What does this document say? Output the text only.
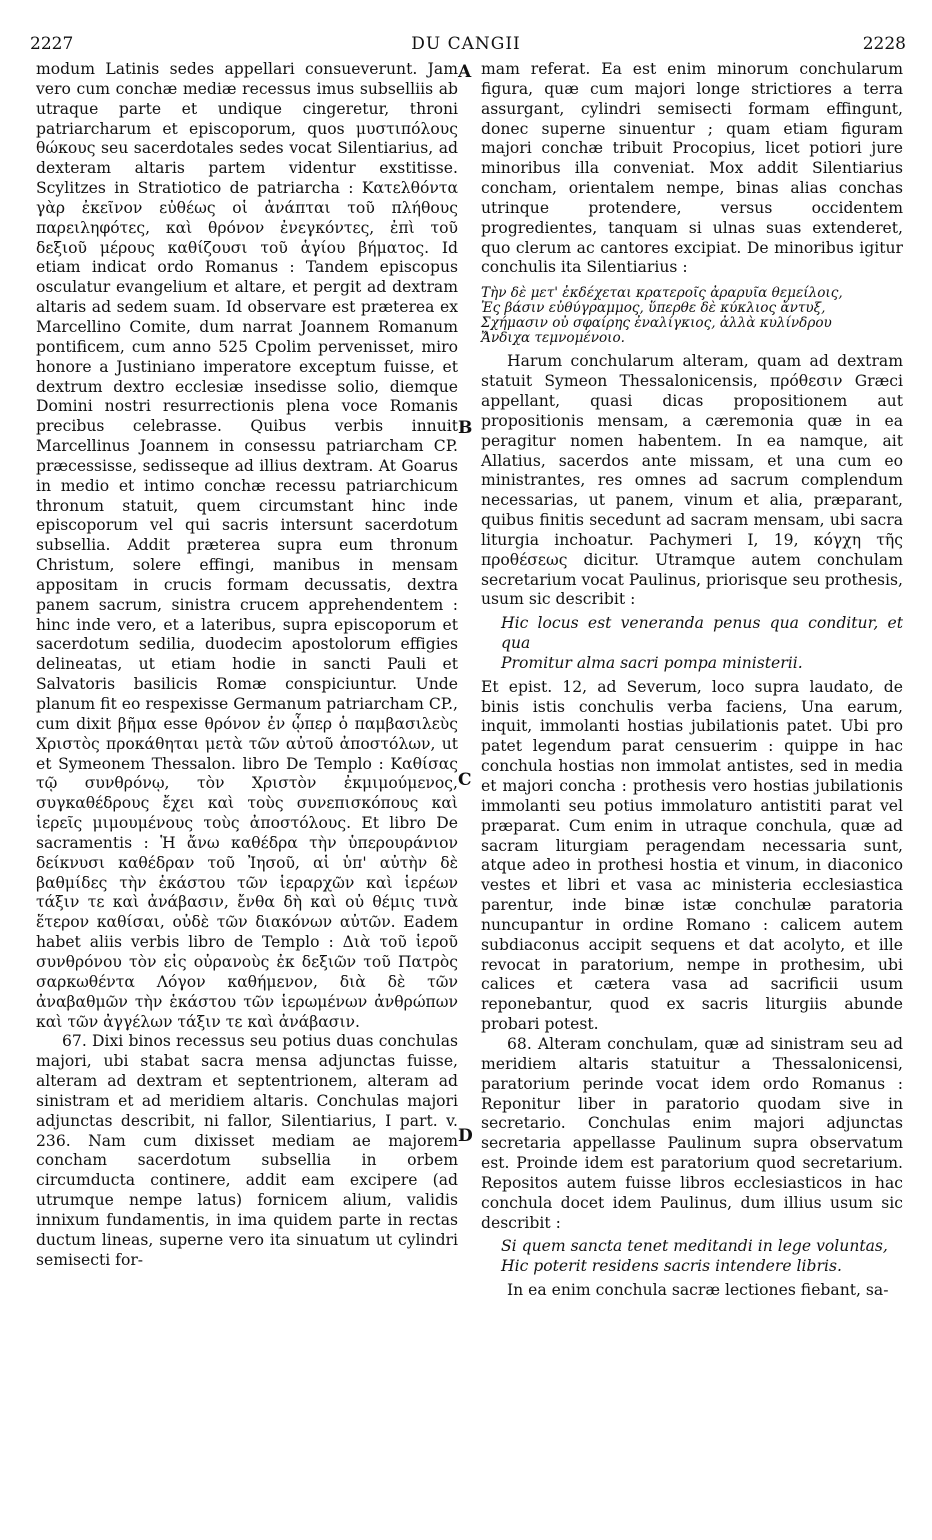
2227	DU CANGII	2228
A
B
C
D

modum Latinis sedes appellari consueverunt. Jam vero cum conchæ mediæ recessus imus subselliis ab utraque parte et undique cingeretur, throni patriarcharum et episcoporum, quos μυστιπόλους θώκους seu sacerdotales sedes vocat Silentiarius, ad dexteram altaris partem videntur exstitisse. Scylitzes in Stratiotico de patriarcha : Κατελθόντα γὰρ ἐκεῖνον εὐθέως οἱ ἀνάπται τοῦ πλήθους παρειληφότες, καὶ θρόνον ἐνεγκόντες, ἐπὶ τοῦ δεξιοῦ μέρους καθίζουσι τοῦ ἁγίου βήματος. Id etiam indicat ordo Romanus : Tandem episcopus osculatur evangelium et altare, et pergit ad dextram altaris ad sedem suam. Id observare est præterea ex Marcellino Comite, dum narrat Joannem Romanum pontificem, cum anno 525 Cpolim pervenisset, miro honore a Justiniano imperatore exceptum fuisse, et dextrum dextro ecclesiæ insedisse solio, diemque Domini nostri resurrectionis plena voce Romanis precibus celebrasse. Quibus verbis innuit Marcellinus Joannem in consessu patriarcham CP. præcessisse, sedisseque ad illius dextram. At Goarus in medio et intimo conchæ recessu patriarchicum thronum statuit, quem circumstant hinc inde episcoporum vel qui sacris intersunt sacerdotum subsellia. Addit præterea supra eum thronum Christum, solere effingi, manibus in mensam appositam in crucis formam decussatis, dextra panem sacrum, sinistra crucem apprehendentem : hinc inde vero, et a lateribus, supra episcoporum et sacerdotum sedilia, duodecim apostolorum effigies delineatas, ut etiam hodie in sancti Pauli et Salvatoris basilicis Romæ conspiciuntur. Unde planum fit eo respexisse Germanum patriarcham CP., cum dixit βῆμα esse θρόνον ἐν ᾧπερ ὁ παμβασιλεὺς Χριστὸς προκάθηται μετὰ τῶν αὐτοῦ ἀποστόλων, ut et Symeonem Thessalon. libro De Templo : Καθίσας τῷ συνθρόνῳ, τὸν Χριστὸν ἐκμιμούμενος, συγκαθέδρους ἔχει καὶ τοὺς συνεπισκόπους καὶ ἱερεῖς μιμουμένους τοὺς ἀποστόλους. Et libro De sacramentis : Ἡ ἄνω καθέδρα τὴν ὑπερουράνιον δείκνυσι καθέδραν τοῦ Ἰησοῦ, αἱ ὑπ' αὐτὴν δὲ βαθμίδες τὴν ἑκάστου τῶν ἱεραρχῶν καὶ ἱερέων τάξιν τε καὶ ἀνάβασιν, ἔνθα δὴ καὶ οὐ θέμις τινὰ ἕτερον καθίσαι, οὐδὲ τῶν διακόνων αὐτῶν. Eadem habet aliis verbis libro de Templo : Διὰ τοῦ ἱεροῦ συνθρόνου τὸν εἰς οὐρανοὺς ἐκ δεξιῶν τοῦ Πατρὸς σαρκωθέντα Λόγον καθήμενον, διὰ δὲ τῶν ἀναβαθμῶν τὴν ἑκάστου τῶν ἱερωμένων ἀνθρώπων καὶ τῶν ἀγγέλων τάξιν τε καὶ ἀνάβασιν.

67. Dixi binos recessus seu potius duas conchulas majori, ubi stabat sacra mensa adjunctas fuisse, alteram ad dextram et septentrionem, alteram ad sinistram et ad meridiem altaris. Conchulas majori adjunctas describit, ni fallor, Silentiarius, I part. v. 236. Nam cum dixisset mediam ae majorem concham sacerdotum subsellia in orbem circumducta continere, addit eam excipere (ad utrumque nempe latus) fornicem alium, validis innixum fundamentis, in ima quidem parte in rectas ductum lineas, superne vero ita sinuatum ut cylindri semisecti for-

mam referat. Ea est enim minorum conchularum figura, quæ cum majori longe strictiores a terra assurgant, cylindri semisecti formam effingunt, donec superne sinuentur ; quam etiam figuram majori conchæ tribuit Procopius, licet potiori jure minoribus illa conveniat. Mox addit Silentiarius concham, orientalem nempe, binas alias conchas utrinque protendere, versus occidentem progredientes, tanquam si ulnas suas extenderet, quo clerum ac cantores excipiat. De minoribus igitur conchulis ita Silentiarius :

Τὴν δὲ μετ' ἐκδέχεται κρατεροῖς ἀραρυῖα θεμείλοις,
Ἐς βάσιν εὐθύγραμμος, ὕπερθε δὲ κύκλιος ἄντυξ,
Σχήμασιν οὐ σφαίρης ἐναλίγκιος, ἀλλὰ κυλίνδρου
Ἄνδιχα τεμνομένοιο.

Harum conchularum alteram, quam ad dextram statuit Symeon Thessalonicensis, πρόθεσιν Græci appellant, quasi dicas propositionem aut propositionis mensam, a cæremonia quæ in ea peragitur nomen habentem. In ea namque, ait Allatius, sacerdos ante missam, et una cum eo ministrantes, res omnes ad sacrum complendum necessarias, ut panem, vinum et alia, præparant, quibus finitis secedunt ad sacram mensam, ubi sacra liturgia inchoatur. Pachymeri I, 19, κόγχη τῆς προθέσεως dicitur. Utramque autem conchulam secretarium vocat Paulinus, priorisque seu prothesis, usum sic describit :

Hic locus est veneranda penus qua conditur, et qua
Promitur alma sacri pompa ministerii.

Et epist. 12, ad Severum, loco supra laudato, de binis istis conchulis verba faciens, Una earum, inquit, immolanti hostias jubilationis patet. Ubi pro patet legendum parat censuerim : quippe in hac conchula hostias non immolat antistes, sed in media et majori concha : prothesis vero hostias jubilationis immolanti seu potius immolaturo antistiti parat vel præparat. Cum enim in utraque conchula, quæ ad sacram liturgiam peragendam necessaria sunt, atque adeo in prothesi hostia et vinum, in diaconico vestes et libri et vasa ac ministeria ecclesiastica parentur, inde binæ istæ conchulæ paratoria nuncupantur in ordine Romano : calicem autem subdiaconus accipit sequens et dat acolyto, et ille revocat in paratorium, nempe in prothesim, ubi calices et cætera vasa ad sacrificii usum reponebantur, quod ex sacris liturgiis abunde probari potest.

68. Alteram conchulam, quæ ad sinistram seu ad meridiem altaris statuitur a Thessalonicensi, paratorium perinde vocat idem ordo Romanus : Reponitur liber in paratorio quodam sive in secretario. Conchulas enim majori adjunctas secretaria appellasse Paulinum supra observatum est. Proinde idem est paratorium quod secretarium. Repositos autem fuisse libros ecclesiasticos in hac conchula docet idem Paulinus, dum illius usum sic describit :

Si quem sancta tenet meditandi in lege voluntas,
Hic poterit residens sacris intendere libris.

In ea enim conchula sacræ lectiones fiebant, sa-
